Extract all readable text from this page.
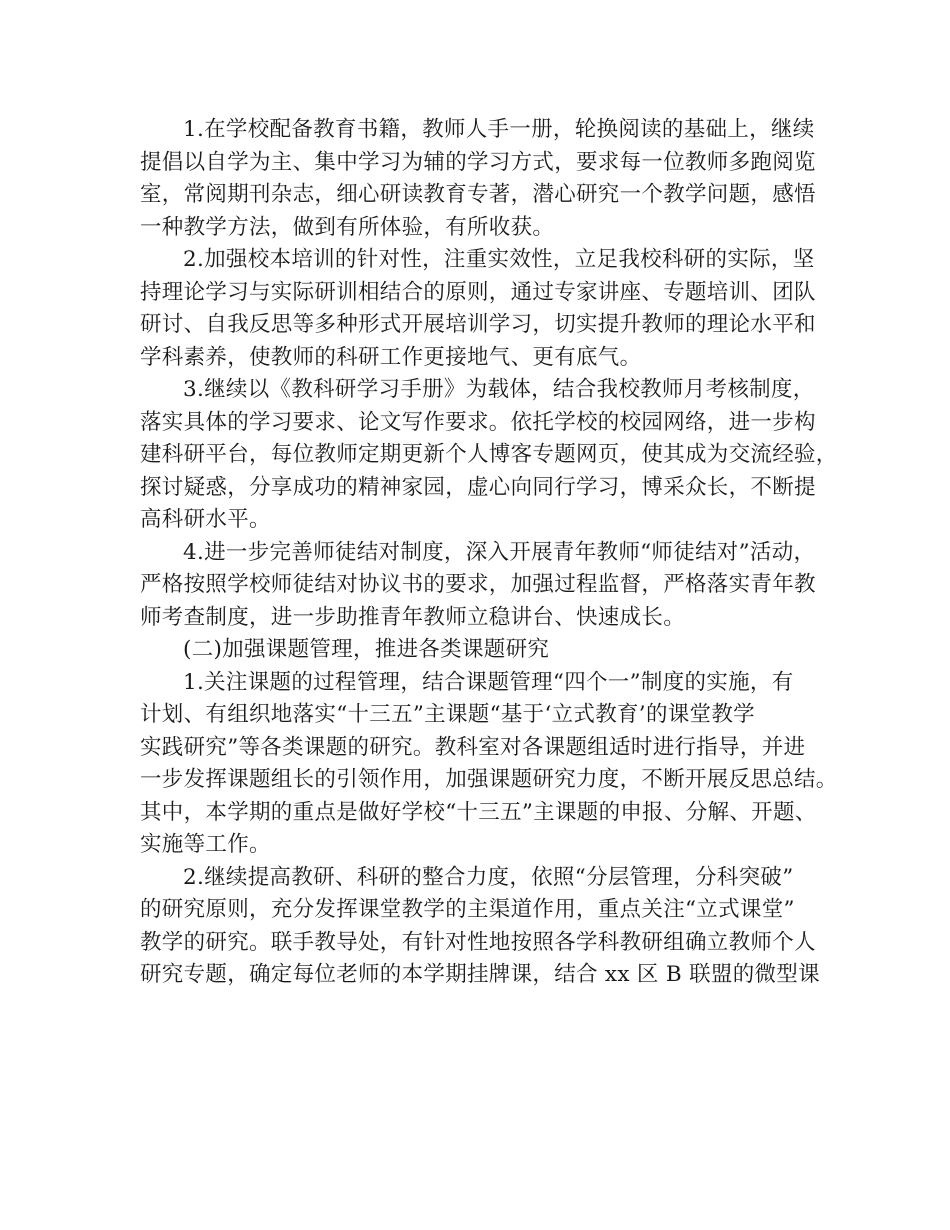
1.在学校配备教育书籍，教师人手一册，轮换阅读的基础上，继续
提倡以自学为主、集中学习为辅的学习方式，要求每一位教师多跑阅览
室，常阅期刊杂志，细心研读教育专著，潜心研究一个教学问题，感悟
一种教学方法，做到有所体验，有所收获。
2.加强校本培训的针对性，注重实效性，立足我校科研的实际，坚
持理论学习与实际研训相结合的原则，通过专家讲座、专题培训、团队
研讨、自我反思等多种形式开展培训学习，切实提升教师的理论水平和
学科素养，使教师的科研工作更接地气、更有底气。
3.继续以《教科研学习手册》为载体，结合我校教师月考核制度，
落实具体的学习要求、论文写作要求。依托学校的校园网络，进一步构
建科研平台，每位教师定期更新个人博客专题网页，使其成为交流经验，
探讨疑惑，分享成功的精神家园，虚心向同行学习，博采众长，不断提
高科研水平。
4.进一步完善师徒结对制度，深入开展青年教师“师徒结对”活动，
严格按照学校师徒结对协议书的要求，加强过程监督，严格落实青年教
师考查制度，进一步助推青年教师立稳讲台、快速成长。
(二)加强课题管理，推进各类课题研究
1.关注课题的过程管理，结合课题管理“四个一”制度的实施，有
计划、有组织地落实“十三五”主课题“基于‘立式教育’的课堂教学
实践研究”等各类课题的研究。教科室对各课题组适时进行指导，并进
一步发挥课题组长的引领作用，加强课题研究力度，不断开展反思总结。
其中，本学期的重点是做好学校“十三五”主课题的申报、分解、开题、
实施等工作。
2.继续提高教研、科研的整合力度，依照“分层管理，分科突破”
的研究原则，充分发挥课堂教学的主渠道作用，重点关注“立式课堂”
教学的研究。联手教导处，有针对性地按照各学科教研组确立教师个人
研究专题，确定每位老师的本学期挂牌课，结合 xx 区 B 联盟的微型课
